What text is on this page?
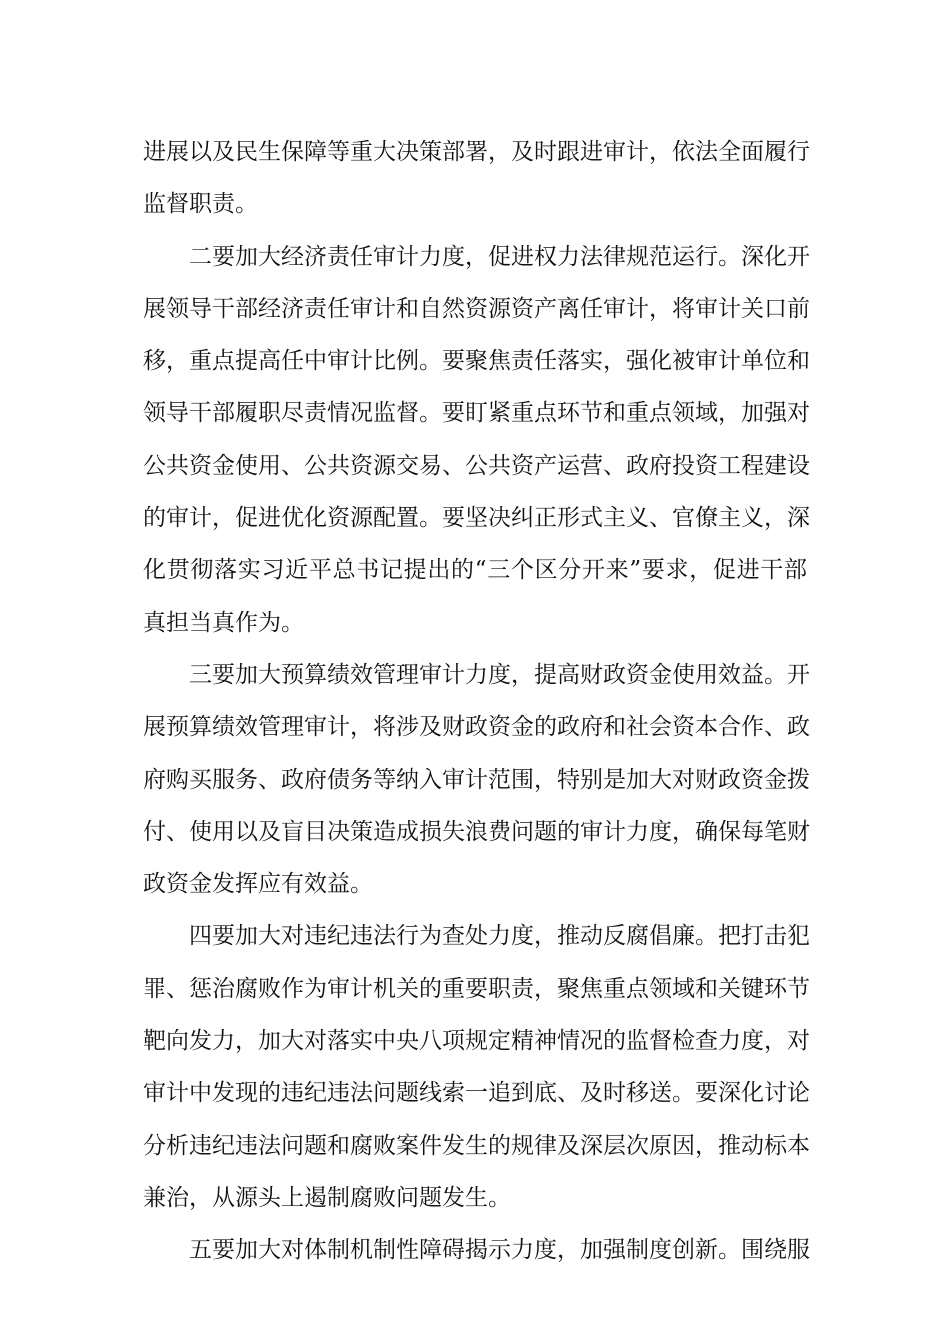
进展以及民生保障等重大决策部署，及时跟进审计，依法全面履行
监督职责。
二要加大经济责任审计力度，促进权力法律规范运行。深化开
展领导干部经济责任审计和自然资源资产离任审计，将审计关口前
移，重点提高任中审计比例。要聚焦责任落实，强化被审计单位和
领导干部履职尽责情况监督。要盯紧重点环节和重点领域，加强对
公共资金使用、公共资源交易、公共资产运营、政府投资工程建设
的审计，促进优化资源配置。要坚决纠正形式主义、官僚主义，深
化贯彻落实习近平总书记提出的“三个区分开来”要求，促进干部
真担当真作为。
三要加大预算绩效管理审计力度，提高财政资金使用效益。开
展预算绩效管理审计，将涉及财政资金的政府和社会资本合作、政
府购买服务、政府债务等纳入审计范围，特别是加大对财政资金拨
付、使用以及盲目决策造成损失浪费问题的审计力度，确保每笔财
政资金发挥应有效益。
四要加大对违纪违法行为查处力度，推动反腐倡廉。把打击犯
罪、惩治腐败作为审计机关的重要职责，聚焦重点领域和关键环节
靶向发力，加大对落实中央八项规定精神情况的监督检查力度，对
审计中发现的违纪违法问题线索一追到底、及时移送。要深化讨论
分析违纪违法问题和腐败案件发生的规律及深层次原因，推动标本
兼治，从源头上遏制腐败问题发生。
五要加大对体制机制性障碍揭示力度，加强制度创新。围绕服
